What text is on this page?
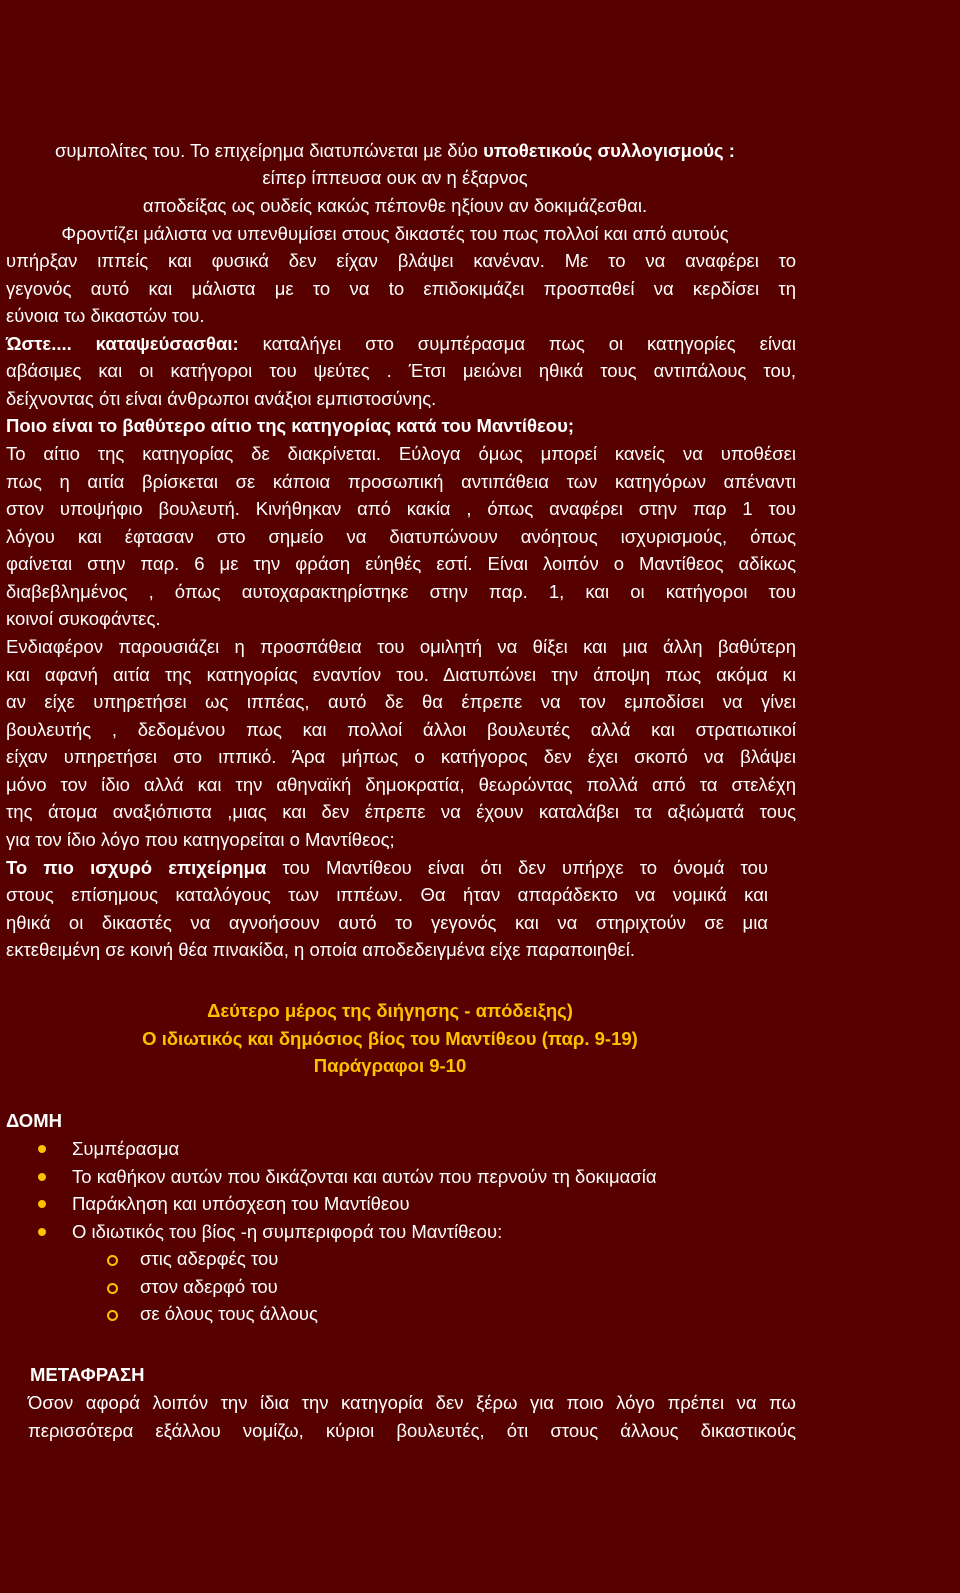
συμπολίτες του. Το επιχείρημα διατυπώνεται με δύο υποθετικούς συλλογισμούς :
είπερ ίππευσα ουκ αν η έξαρνος
αποδείξας ως ουδείς κακώς πέπονθε ηξίουν αν δοκιμάζεσθαι.
Φροντίζει μάλιστα να υπενθυμίσει στους δικαστές του πως πολλοί και από αυτούς
υπήρξαν ιππείς και φυσικά δεν είχαν βλάψει κανέναν. Με το να αναφέρει το
γεγονός αυτό και μάλιστα με το να to επιδοκιμάζει προσπαθεί να κερδίσει τη
εύνοια τω δικαστών του.
Ώστε.... καταψεύσασθαι: καταλήγει στο συμπέρασμα πως οι κατηγορίες είναι
αβάσιμες και οι κατήγοροι του ψεύτες . Έτσι μειώνει ηθικά τους αντιπάλους του,
δείχνοντας ότι είναι άνθρωποι ανάξιοι εμπιστοσύνης.
Ποιο είναι το βαθύτερο αίτιο της κατηγορίας κατά του Μαντίθεου;
Το αίτιο της κατηγορίας δε διακρίνεται. Εύλογα όμως μπορεί κανείς να υποθέσει
πως η αιτία βρίσκεται σε κάποια προσωπική αντιπάθεια των κατηγόρων απέναντι
στον υποψήφιο βουλευτή. Κινήθηκαν από κακία , όπως αναφέρει στην παρ 1 του
λόγου και έφτασαν στο σημείο να διατυπώνουν ανόητους ισχυρισμούς, όπως
φαίνεται στην παρ. 6 με την φράση εύηθές εστί. Είναι λοιπόν ο Μαντίθεος αδίκως
διαβεβλημένος , όπως αυτοχαρακτηρίστηκε στην παρ. 1, και οι κατήγοροι του
κοινοί συκοφάντες.
Ενδιαφέρον παρουσιάζει η προσπάθεια του ομιλητή να θίξει και μια άλλη βαθύτερη
και αφανή αιτία της κατηγορίας εναντίον του. Διατυπώνει την άποψη πως ακόμα κι
αν είχε υπηρετήσει ως ιππέας, αυτό δε θα έπρεπε να τον εμποδίσει να γίνει
βουλευτής , δεδομένου πως και πολλοί άλλοι βουλευτές αλλά και στρατιωτικοί
είχαν υπηρετήσει στο ιππικό. Άρα μήπως ο κατήγορος δεν έχει σκοπό να βλάψει
μόνο τον ίδιο αλλά και την αθηναϊκή δημοκρατία, θεωρώντας πολλά από τα στελέχη
της άτομα αναξιόπιστα ,μιας και δεν έπρεπε να έχουν καταλάβει τα αξιώματά τους
για τον ίδιο λόγο που κατηγορείται ο Μαντίθεος;
Το πιο ισχυρό επιχείρημα του Μαντίθεου είναι ότι δεν υπήρχε το όνομά του
στους επίσημους καταλόγους των ιππέων. Θα ήταν απαράδεκτο να νομικά και
ηθικά οι δικαστές να αγνοήσουν αυτό το γεγονός και να στηριχτούν σε μια
εκτεθειμένη σε κοινή θέα πινακίδα, η οποία αποδεδειγμένα είχε παραποιηθεί.
Δεύτερο μέρος της διήγησης - απόδειξης)
Ο ιδιωτικός και δημόσιος βίος του Μαντίθεου (παρ. 9-19)
Παράγραφοι 9-10
ΔΟΜΗ
Συμπέρασμα
Το καθήκον αυτών που δικάζονται και αυτών που περνούν τη δοκιμασία
Παράκληση και υπόσχεση του Μαντίθεου
Ο ιδιωτικός του βίος -η συμπεριφορά του Μαντίθεου:
στις αδερφές του
στον αδερφό του
σε όλους τους άλλους
ΜΕΤΑΦΡΑΣΗ
Όσον αφορά λοιπόν την ίδια την κατηγορία δεν ξέρω για ποιο λόγο πρέπει να πω
περισσότερα εξάλλου νομίζω, κύριοι βουλευτές, ότι στους άλλους δικαστικούς
